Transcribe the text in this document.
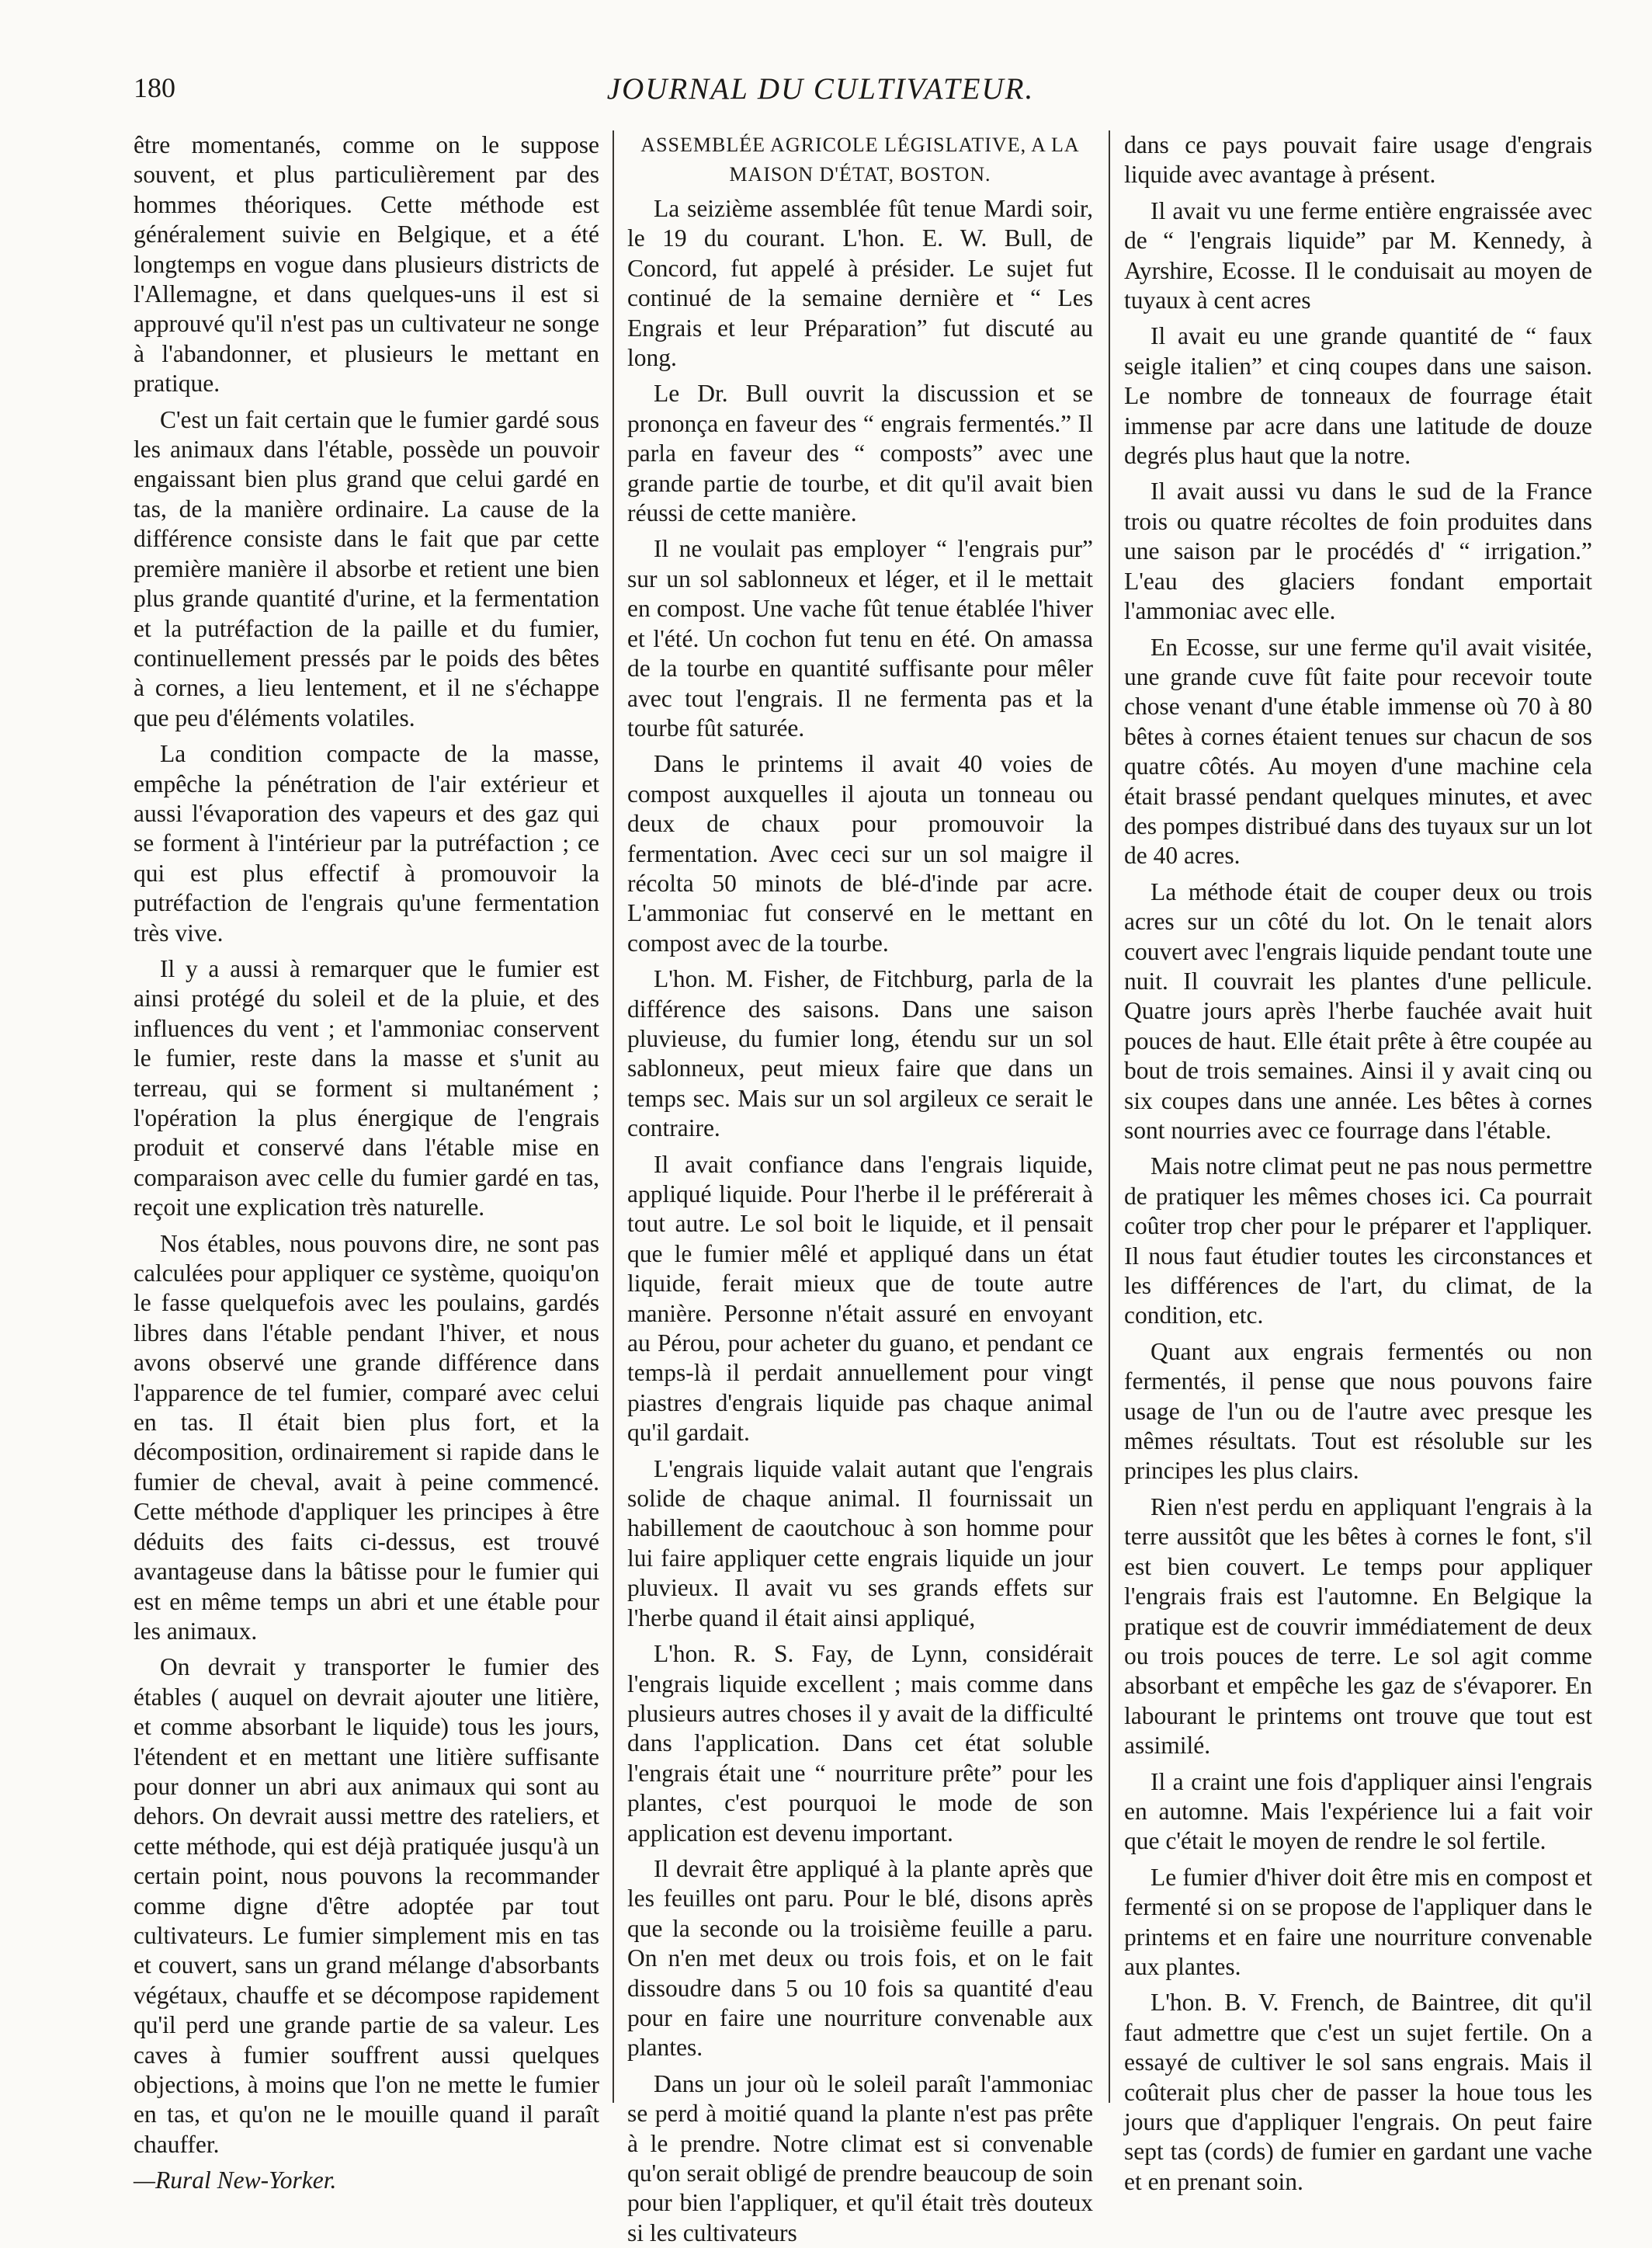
180	JOURNAL DU CULTIVATEUR.

être momentanés, comme on le suppose souvent, et plus particulièrement par des hommes théoriques. Cette méthode est généralement suivie en Belgique, et a été longtemps en vogue dans plusieurs districts de l'Allemagne, et dans quelques-uns il est si approuvé qu'il n'est pas un cultivateur ne songe à l'abandonner, et plusieurs le mettant en pratique.

C'est un fait certain que le fumier gardé sous les animaux dans l'étable, possède un pouvoir engaissant bien plus grand que celui gardé en tas, de la manière ordinaire. La cause de la différence consiste dans le fait que par cette première manière il absorbe et retient une bien plus grande quantité d'urine, et la fermentation et la putréfaction de la paille et du fumier, continuellement pressés par le poids des bêtes à cornes, a lieu lentement, et il ne s'échappe que peu d'éléments volatiles.

La condition compacte de la masse, empêche la pénétration de l'air extérieur et aussi l'évaporation des vapeurs et des gaz qui se forment à l'intérieur par la putréfaction ; ce qui est plus effectif à promouvoir la putréfaction de l'engrais qu'une fermentation très vive.

Il y a aussi à remarquer que le fumier est ainsi protégé du soleil et de la pluie, et des influences du vent ; et l'ammoniac conservent le fumier, reste dans la masse et s'unit au terreau, qui se forment si multanément ; l'opération la plus énergique de l'engrais produit et conservé dans l'étable mise en comparaison avec celle du fumier gardé en tas, reçoit une explication très naturelle.

Nos étables, nous pouvons dire, ne sont pas calculées pour appliquer ce système, quoiqu'on le fasse quelquefois avec les poulains, gardés libres dans l'étable pendant l'hiver, et nous avons observé une grande différence dans l'apparence de tel fumier, comparé avec celui en tas. Il était bien plus fort, et la décomposition, ordinairement si rapide dans le fumier de cheval, avait à peine commencé. Cette méthode d'appliquer les principes à être déduits des faits ci-dessus, est trouvé avantageuse dans la bâtisse pour le fumier qui est en même temps un abri et une étable pour les animaux.

On devrait y transporter le fumier des étables ( auquel on devrait ajouter une litière, et comme absorbant le liquide) tous les jours, l'étendent et en mettant une litière suffisante pour donner un abri aux animaux qui sont au dehors. On devrait aussi mettre des rateliers, et cette méthode, qui est déjà pratiquée jusqu'à un certain point, nous pouvons la recommander comme digne d'être adoptée par tout cultivateurs. Le fumier simplement mis en tas et couvert, sans un grand mélange d'absorbants végétaux, chauffe et se décompose rapidement qu'il perd une grande partie de sa valeur. Les caves à fumier souffrent aussi quelques objections, à moins que l'on ne mette le fumier en tas, et qu'on ne le mouille quand il paraît chauffer.

—Rural New-Yorker.

ASSEMBLÉE AGRICOLE LÉGISLATIVE, A LA
MAISON D'ÉTAT, BOSTON.

La seizième assemblée fût tenue Mardi soir, le 19 du courant. L'hon. E. W. Bull, de Concord, fut appelé à présider. Le sujet fut continué de la semaine dernière et “ Les Engrais et leur Préparation” fut discuté au long.

Le Dr. Bull ouvrit la discussion et se prononça en faveur des “ engrais fermentés.” Il parla en faveur des “ composts” avec une grande partie de tourbe, et dit qu'il avait bien réussi de cette manière.

Il ne voulait pas employer “ l'engrais pur” sur un sol sablonneux et léger, et il le mettait en compost. Une vache fût tenue établée l'hiver et l'été. Un cochon fut tenu en été. On amassa de la tourbe en quantité suffisante pour mêler avec tout l'engrais. Il ne fermenta pas et la tourbe fût saturée.

Dans le printems il avait 40 voies de compost auxquelles il ajouta un tonneau ou deux de chaux pour promouvoir la fermentation. Avec ceci sur un sol maigre il récolta 50 minots de blé-d'inde par acre. L'ammoniac fut conservé en le mettant en compost avec de la tourbe.

L'hon. M. Fisher, de Fitchburg, parla de la différence des saisons. Dans une saison pluvieuse, du fumier long, étendu sur un sol sablonneux, peut mieux faire que dans un temps sec. Mais sur un sol argileux ce serait le contraire.

Il avait confiance dans l'engrais liquide, appliqué liquide. Pour l'herbe il le préférerait à tout autre. Le sol boit le liquide, et il pensait que le fumier mêlé et appliqué dans un état liquide, ferait mieux que de toute autre manière. Personne n'était assuré en envoyant au Pérou, pour acheter du guano, et pendant ce temps-là il perdait annuellement pour vingt piastres d'engrais liquide pas chaque animal qu'il gardait.

L'engrais liquide valait autant que l'engrais solide de chaque animal. Il fournissait un habillement de caoutchouc à son homme pour lui faire appliquer cette engrais liquide un jour pluvieux. Il avait vu ses grands effets sur l'herbe quand il était ainsi appliqué,

L'hon. R. S. Fay, de Lynn, considérait l'engrais liquide excellent ; mais comme dans plusieurs autres choses il y avait de la difficulté dans l'application. Dans cet état soluble l'engrais était une “ nourriture prête” pour les plantes, c'est pourquoi le mode de son application est devenu important.

Il devrait être appliqué à la plante après que les feuilles ont paru. Pour le blé, disons après que la seconde ou la troisième feuille a paru. On n'en met deux ou trois fois, et on le fait dissoudre dans 5 ou 10 fois sa quantité d'eau pour en faire une nourriture convenable aux plantes.

Dans un jour où le soleil paraît l'ammoniac se perd à moitié quand la plante n'est pas prête à le prendre. Notre climat est si convenable qu'on serait obligé de prendre beaucoup de soin pour bien l'appliquer, et qu'il était très douteux si les cultivateurs

dans ce pays pouvait faire usage d'engrais liquide avec avantage à présent.

Il avait vu une ferme entière engraissée avec de “ l'engrais liquide” par M. Kennedy, à Ayrshire, Ecosse. Il le conduisait au moyen de tuyaux à cent acres

Il avait eu une grande quantité de “ faux seigle italien” et cinq coupes dans une saison. Le nombre de tonneaux de fourrage était immense par acre dans une latitude de douze degrés plus haut que la notre.

Il avait aussi vu dans le sud de la France trois ou quatre récoltes de foin produites dans une saison par le procédés d' “ irrigation.” L'eau des glaciers fondant emportait l'ammoniac avec elle.

En Ecosse, sur une ferme qu'il avait visitée, une grande cuve fût faite pour recevoir toute chose venant d'une étable immense où 70 à 80 bêtes à cornes étaient tenues sur chacun de sos quatre côtés. Au moyen d'une machine cela était brassé pendant quelques minutes, et avec des pompes distribué dans des tuyaux sur un lot de 40 acres.

La méthode était de couper deux ou trois acres sur un côté du lot. On le tenait alors couvert avec l'engrais liquide pendant toute une nuit. Il couvrait les plantes d'une pellicule. Quatre jours après l'herbe fauchée avait huit pouces de haut. Elle était prête à être coupée au bout de trois semaines. Ainsi il y avait cinq ou six coupes dans une année. Les bêtes à cornes sont nourries avec ce fourrage dans l'étable.

Mais notre climat peut ne pas nous permettre de pratiquer les mêmes choses ici. Ca pourrait coûter trop cher pour le préparer et l'appliquer. Il nous faut étudier toutes les circonstances et les différences de l'art, du climat, de la condition, etc.

Quant aux engrais fermentés ou non fermentés, il pense que nous pouvons faire usage de l'un ou de l'autre avec presque les mêmes résultats. Tout est résoluble sur les principes les plus clairs.

Rien n'est perdu en appliquant l'engrais à la terre aussitôt que les bêtes à cornes le font, s'il est bien couvert. Le temps pour appliquer l'engrais frais est l'automne. En Belgique la pratique est de couvrir immédiatement de deux ou trois pouces de terre. Le sol agit comme absorbant et empêche les gaz de s'évaporer. En labourant le printems ont trouve que tout est assimilé.

Il a craint une fois d'appliquer ainsi l'engrais en automne. Mais l'expérience lui a fait voir que c'était le moyen de rendre le sol fertile.

Le fumier d'hiver doit être mis en compost et fermenté si on se propose de l'appliquer dans le printems et en faire une nourriture convenable aux plantes.

L'hon. B. V. French, de Baintree, dit qu'il faut admettre que c'est un sujet fertile. On a essayé de cultiver le sol sans engrais. Mais il coûterait plus cher de passer la houe tous les jours que d'appliquer l'engrais. On peut faire sept tas (cords) de fumier en gardant une vache et en prenant soin.
